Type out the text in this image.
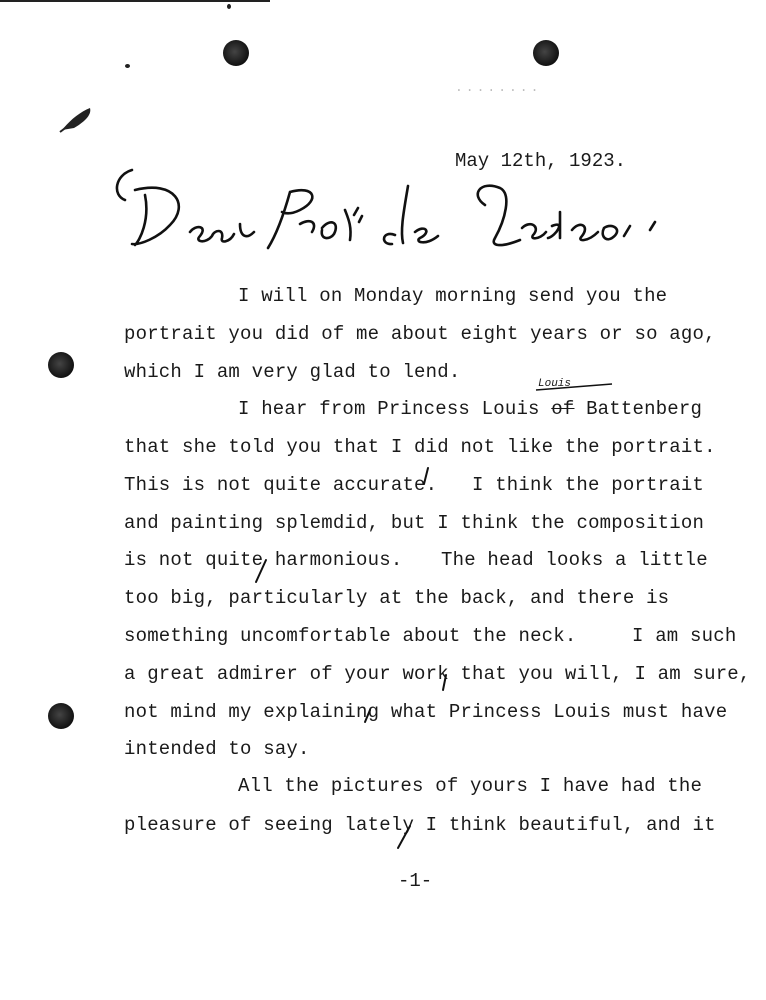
........
May 12th, 1923.
I will on Monday morning send you the
portrait you did of me about eight years or so ago,
which I am very glad to lend.
Louis
I hear from Princess Louis of Battenberg
that she told you that I did not like the portrait.
This is not quite accurate. I think the portrait
and painting splemdid, but I think the composition
is not quite harmonious. The head looks a little
too big, particularly at the back, and there is
something uncomfortable about the neck.	I am such
a great admirer of your work that you will, I am sure,
not mind my explaining what Princess Louis must have
intended to say.
All the pictures of yours I have had the
pleasure of seeing lately I think beautiful, and it
-1-
